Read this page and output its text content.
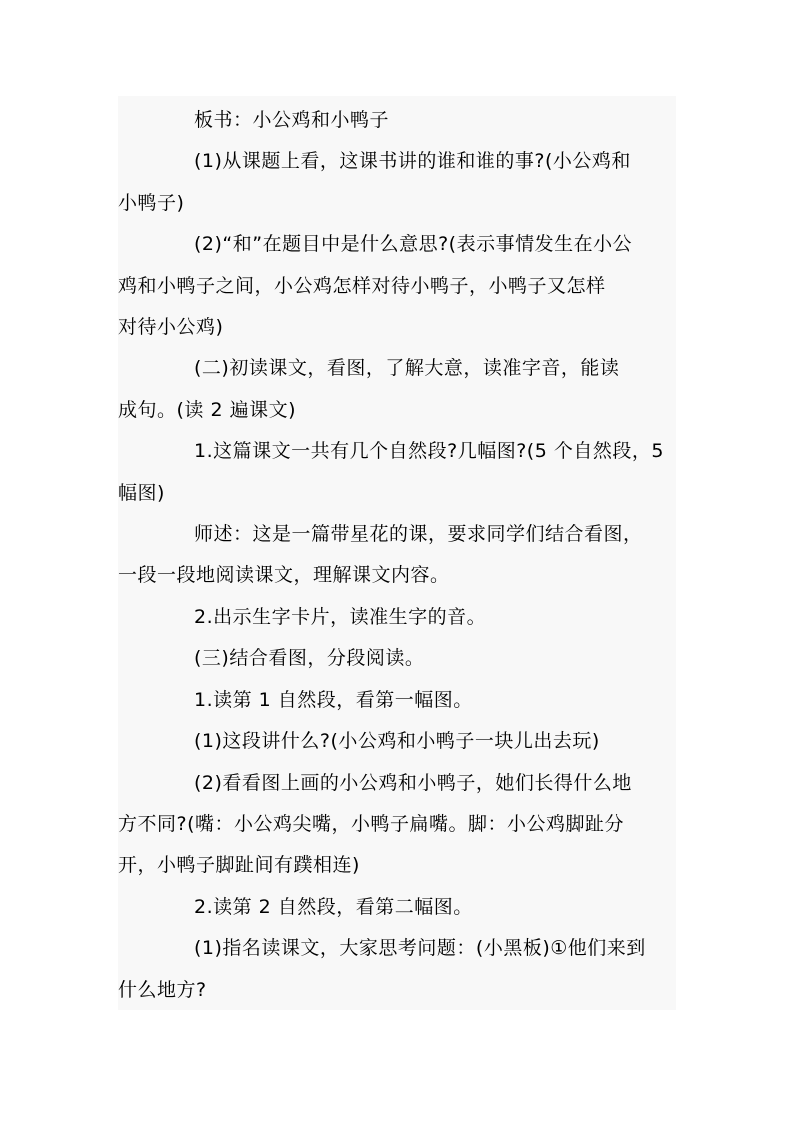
板书：小公鸡和小鸭子

(1)从课题上看，这课书讲的谁和谁的事?(小公鸡和
小鸭子)

(2)“和”在题目中是什么意思?(表示事情发生在小公
鸡和小鸭子之间，小公鸡怎样对待小鸭子，小鸭子又怎样
对待小公鸡)

(二)初读课文，看图，了解大意，读准字音，能读
成句。(读 2 遍课文)

1.这篇课文一共有几个自然段?几幅图?(5 个自然段，5
幅图)

师述：这是一篇带星花的课，要求同学们结合看图，
一段一段地阅读课文，理解课文内容。

2.出示生字卡片，读准生字的音。

(三)结合看图，分段阅读。

1.读第 1 自然段，看第一幅图。

(1)这段讲什么?(小公鸡和小鸭子一块儿出去玩)

(2)看看图上画的小公鸡和小鸭子，她们长得什么地
方不同?(嘴：小公鸡尖嘴，小鸭子扁嘴。脚：小公鸡脚趾分
开，小鸭子脚趾间有蹼相连)

2.读第 2 自然段，看第二幅图。

(1)指名读课文，大家思考问题：(小黑板)①他们来到
什么地方?
